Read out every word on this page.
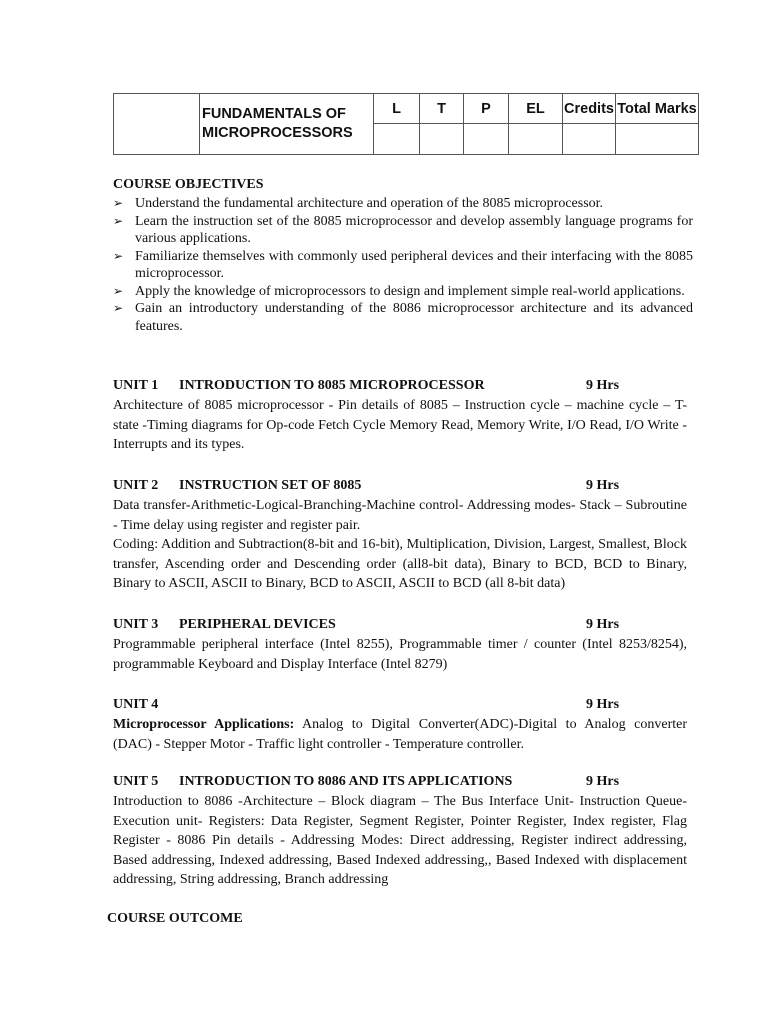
	FUNDAMENTALS OF
MICROPROCESSORS	L	T	P	EL	Credits	Total Marks

COURSE OBJECTIVES
➢ Understand the fundamental architecture and operation of the 8085 microprocessor.
➢ Learn the instruction set of the 8085 microprocessor and develop assembly language programs for various applications.
➢ Familiarize themselves with commonly used peripheral devices and their interfacing with the 8085 microprocessor.
➢ Apply the knowledge of microprocessors to design and implement simple real-world applications.
➢ Gain an introductory understanding of the 8086 microprocessor architecture and its advanced features.
UNIT 1 INTRODUCTION TO 8085 MICROPROCESSOR	9 Hrs
Architecture of 8085 microprocessor - Pin details of 8085 – Instruction cycle – machine cycle – T-state -Timing diagrams for Op-code Fetch Cycle Memory Read, Memory Write, I/O Read, I/O Write -Interrupts and its types.
UNIT 2 INSTRUCTION SET OF 8085	9 Hrs
Data transfer-Arithmetic-Logical-Branching-Machine control- Addressing modes- Stack – Subroutine - Time delay using register and register pair.
Coding: Addition and Subtraction(8-bit and 16-bit), Multiplication, Division, Largest, Smallest, Block transfer, Ascending order and Descending order (all8-bit data), Binary to BCD, BCD to Binary, Binary to ASCII, ASCII to Binary, BCD to ASCII, ASCII to BCD (all 8-bit data)
UNIT 3 PERIPHERAL DEVICES	9 Hrs
Programmable peripheral interface (Intel 8255), Programmable timer / counter (Intel 8253/8254), programmable Keyboard and Display Interface (Intel 8279)
UNIT 4	9 Hrs
Microprocessor Applications: Analog to Digital Converter(ADC)-Digital to Analog converter (DAC) - Stepper Motor - Traffic light controller - Temperature controller.
UNIT 5 INTRODUCTION TO 8086 AND ITS APPLICATIONS	9 Hrs
Introduction to 8086 -Architecture – Block diagram – The Bus Interface Unit- Instruction Queue- Execution unit- Registers: Data Register, Segment Register, Pointer Register, Index register, Flag Register - 8086 Pin details - Addressing Modes: Direct addressing, Register indirect addressing, Based addressing, Indexed addressing, Based Indexed addressing,, Based Indexed with displacement addressing, String addressing, Branch addressing
COURSE OUTCOME
